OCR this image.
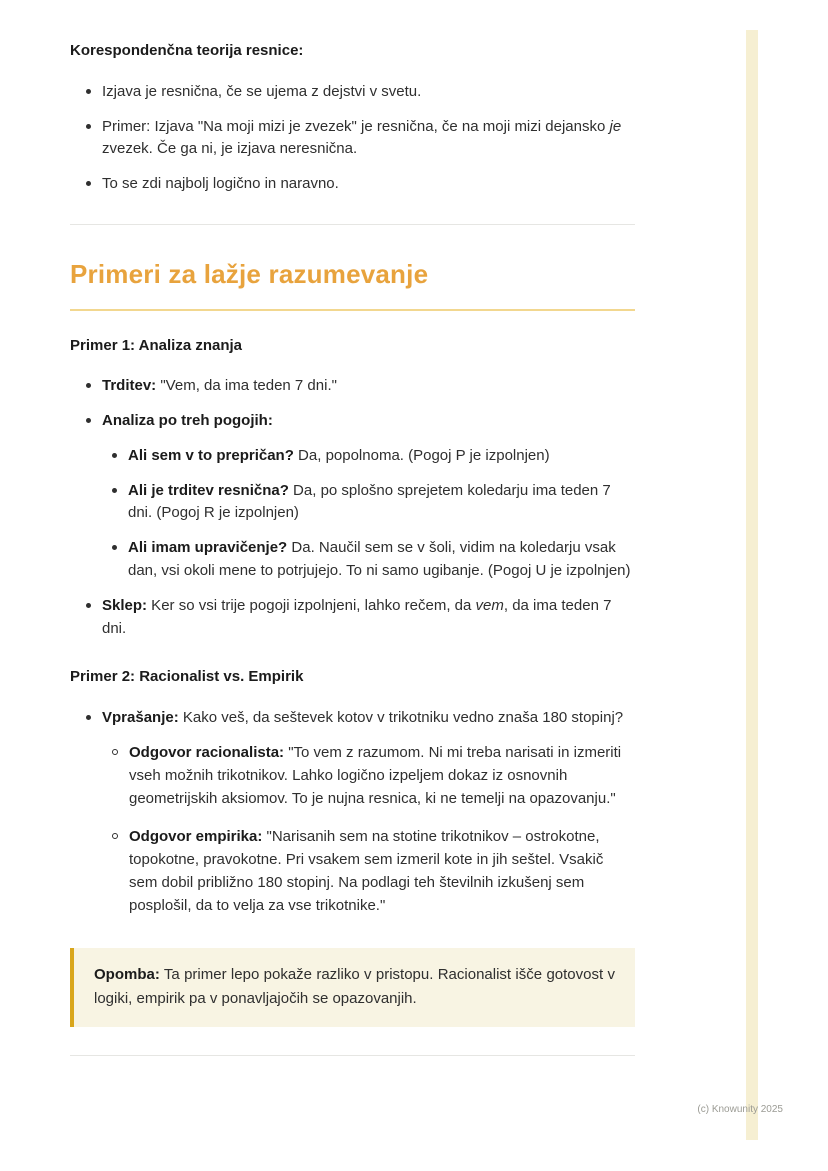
Korespondenčna teorija resnice:
Izjava je resnična, če se ujema z dejstvi v svetu.
Primer: Izjava "Na moji mizi je zvezek" je resnična, če na moji mizi dejansko je zvezek. Če ga ni, je izjava neresnična.
To se zdi najbolj logično in naravno.
Primeri za lažje razumevanje
Primer 1: Analiza znanja
Trditev: "Vem, da ima teden 7 dni."
Analiza po treh pogojih:
Ali sem v to prepričan? Da, popolnoma. (Pogoj P je izpolnjen)
Ali je trditev resnična? Da, po splošno sprejetem koledarju ima teden 7 dni. (Pogoj R je izpolnjen)
Ali imam upravičenje? Da. Naučil sem se v šoli, vidim na koledarju vsak dan, vsi okoli mene to potrjujejo. To ni samo ugibanje. (Pogoj U je izpolnjen)
Sklep: Ker so vsi trije pogoji izpolnjeni, lahko rečem, da vem, da ima teden 7 dni.
Primer 2: Racionalist vs. Empirik
Vprašanje: Kako veš, da seštevek kotov v trikotniku vedno znaša 180 stopinj?
Odgovor racionalista: "To vem z razumom. Ni mi treba narisati in izmeriti vseh možnih trikotnikov. Lahko logično izpeljem dokaz iz osnovnih geometrijskih aksiomov. To je nujna resnica, ki ne temelji na opazovanju."
Odgovor empirika: "Narisanih sem na stotine trikotnikov – ostrokotne, topokotne, pravokotne. Pri vsakem sem izmeril kote in jih seštel. Vsakič sem dobil približno 180 stopinj. Na podlagi teh številnih izkušenj sem posplošil, da to velja za vse trikotnike."
Opomba: Ta primer lepo pokaže razliko v pristopu. Racionalist išče gotovost v logiki, empirik pa v ponavljajočih se opazovanjih.
(c) Knowunity 2025
